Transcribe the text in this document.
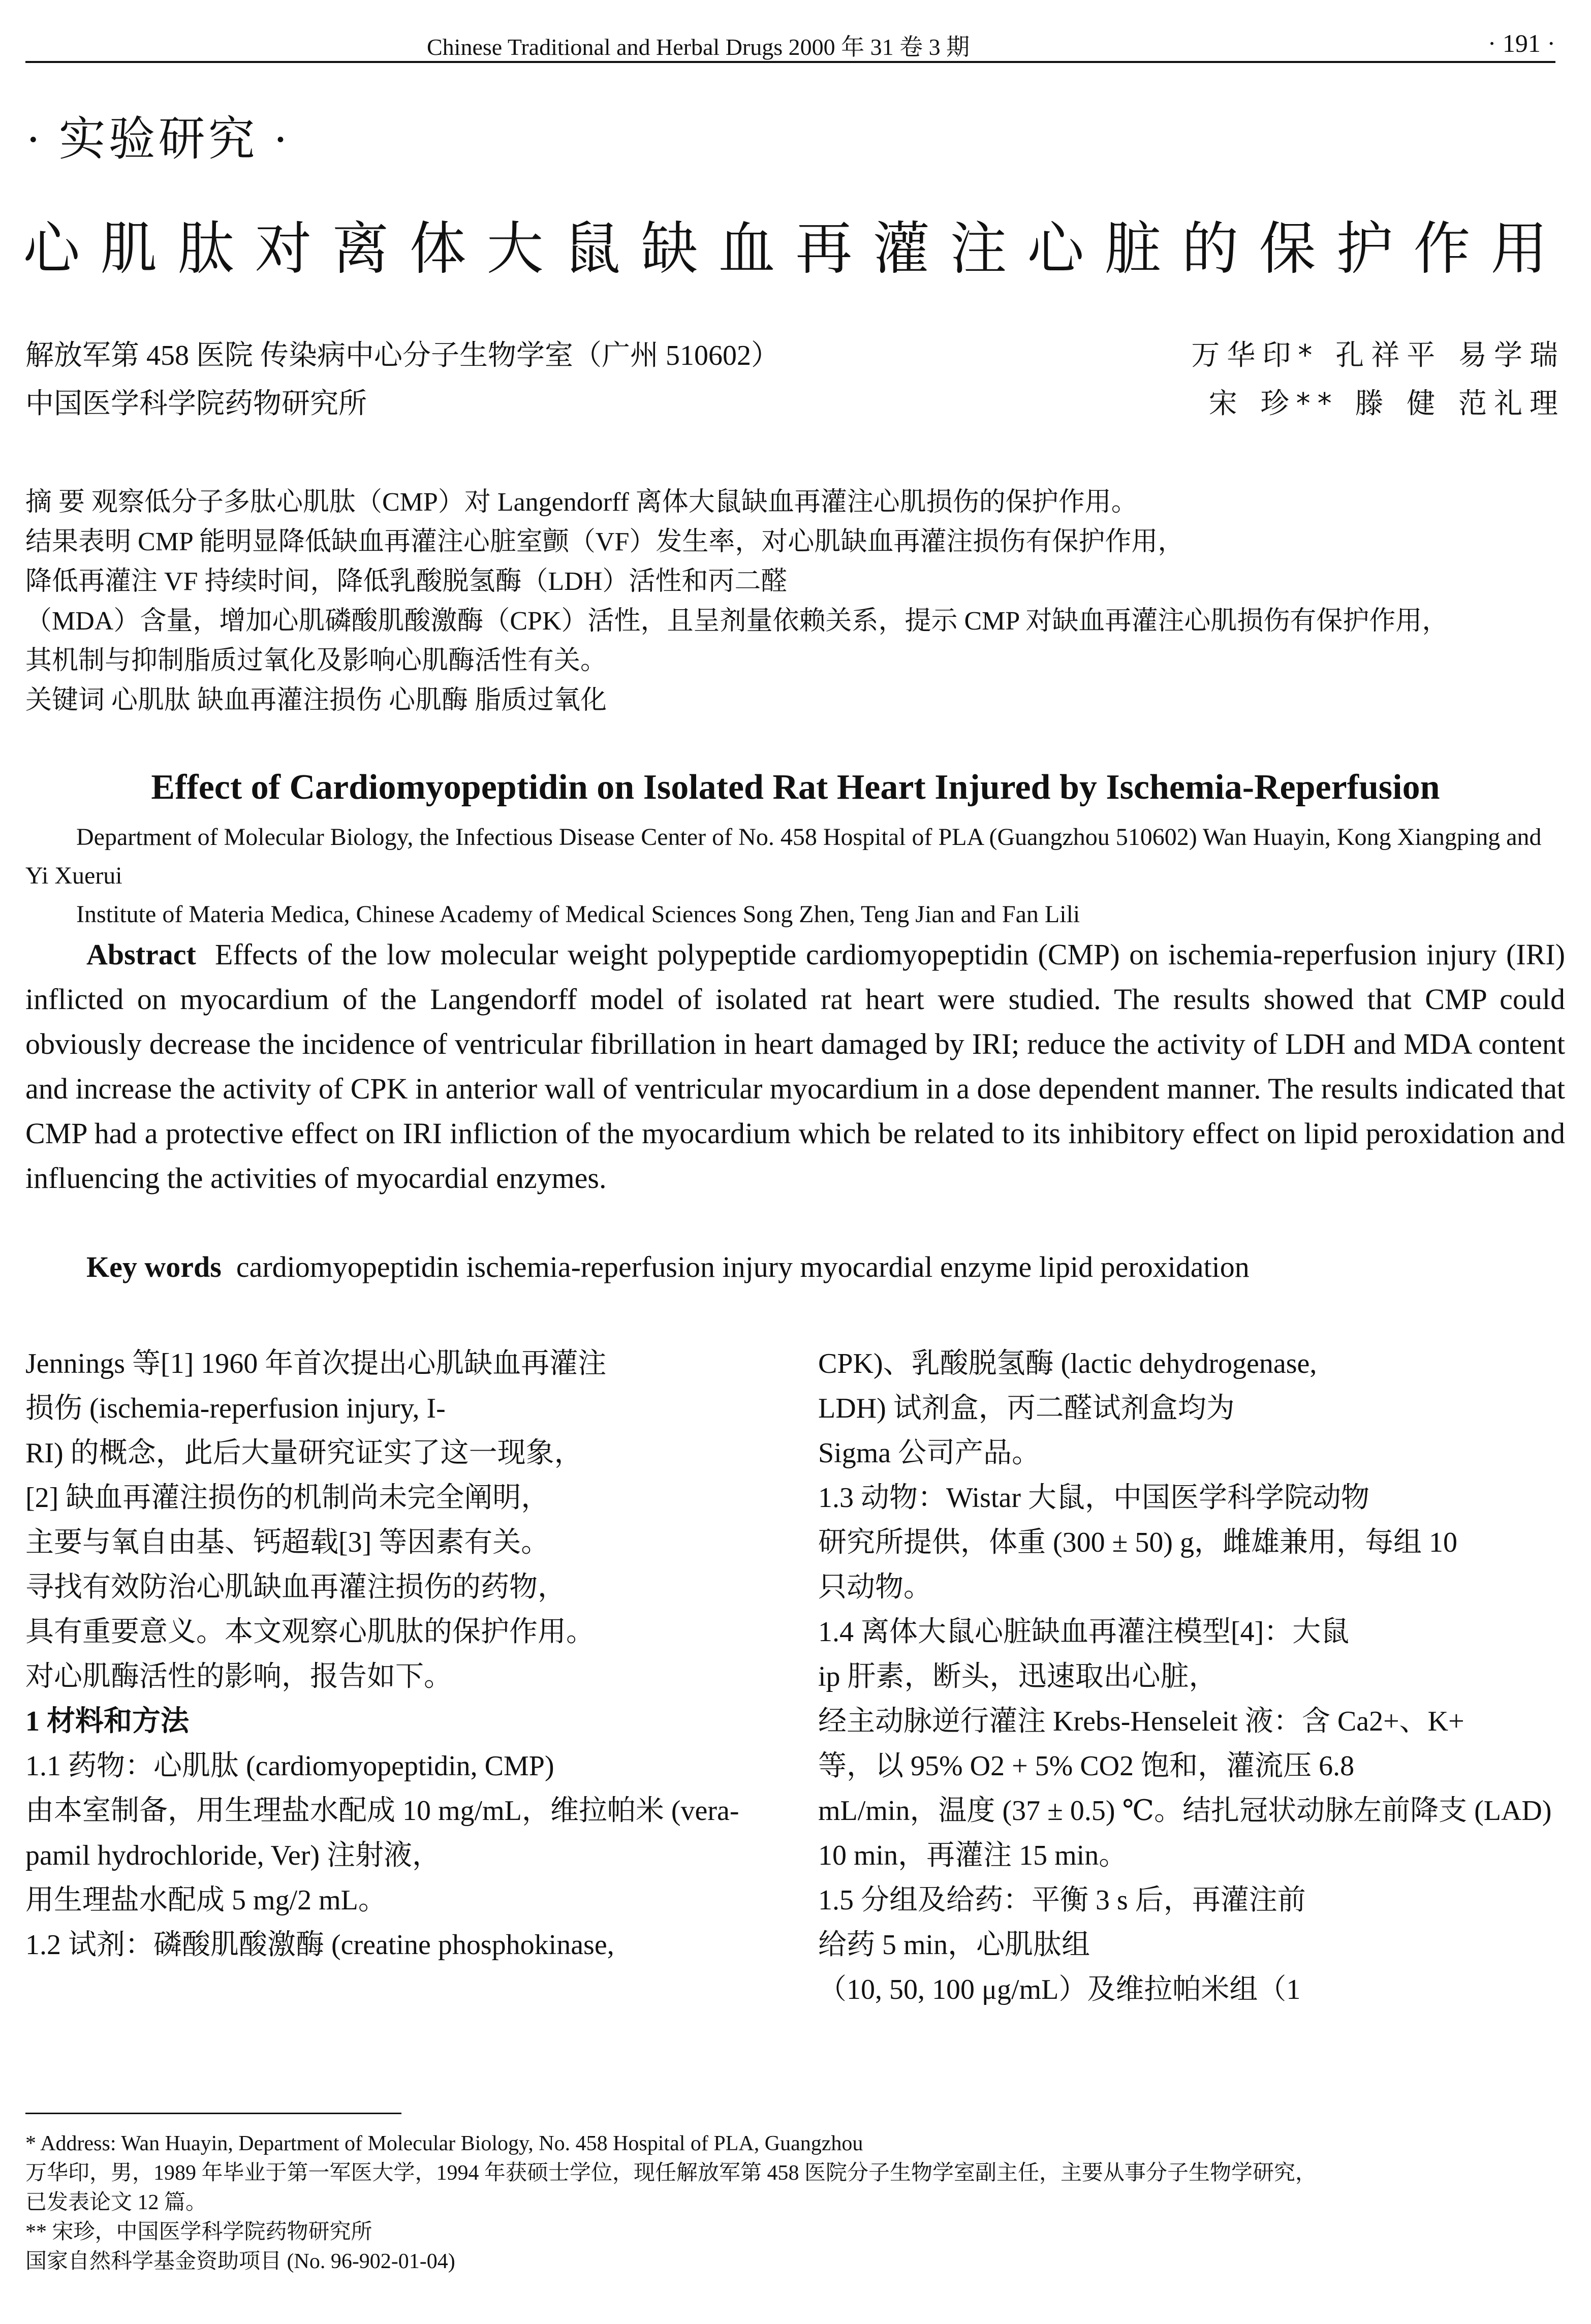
Chinese Traditional and Herbal Drugs 2000 年 31 卷 3 期	· 191 ·
· 实验研究 ·
心肌肽对离体大鼠缺血再灌注心脏的保护作用
解放军第 458 医院 传染病中心分子生物学室（广州 510602）	万华印* 孔祥平 易学瑞
中国医学科学院药物研究所	宋 珍** 滕 健 范礼理

摘 要 观察低分子多肽心肌肽（CMP）对 Langendorff 离体大鼠缺血再灌注心肌损伤的保护作用。

结果表明 CMP 能明显降低缺血再灌注心脏室颤（VF）发生率，对心肌缺血再灌注损伤有保护作用，

降低再灌注 VF 持续时间，降低乳酸脱氢酶（LDH）活性和丙二醛

（MDA）含量，增加心肌磷酸肌酸激酶（CPK）活性，且呈剂量依赖关系，提示 CMP 对缺血再灌注心肌损伤有保护作用，

其机制与抑制脂质过氧化及影响心肌酶活性有关。

关键词 心肌肽 缺血再灌注损伤 心肌酶 脂质过氧化

Effect of Cardiomyopeptidin on Isolated Rat Heart Injured by Ischemia-Reperfusion

Department of Molecular Biology, the Infectious Disease Center of No. 458 Hospital of PLA (Guangzhou 510602) Wan Huayin, Kong Xiangping and Yi Xuerui

Institute of Materia Medica, Chinese Academy of Medical Sciences Song Zhen, Teng Jian and Fan Lili

Abstract Effects of the low molecular weight polypeptide cardiomyopeptidin (CMP) on ischemia-reperfusion injury (IRI) inflicted on myocardium of the Langendorff model of isolated rat heart were studied. The results showed that CMP could obviously decrease the incidence of ventricular fibrillation in heart damaged by IRI; reduce the activity of LDH and MDA content and increase the activity of CPK in anterior wall of ventricular myocardium in a dose dependent manner. The results indicated that CMP had a protective effect on IRI infliction of the myocardium which be related to its inhibitory effect on lipid peroxidation and influencing the activities of myocardial enzymes.

Key words cardiomyopeptidin ischemia-reperfusion injury myocardial enzyme lipid peroxidation

Jennings 等[1] 1960 年首次提出心肌缺血再灌注

损伤 (ischemia-reperfusion injury, I-

RI) 的概念，此后大量研究证实了这一现象，

[2] 缺血再灌注损伤的机制尚未完全阐明，

主要与氧自由基、钙超载[3] 等因素有关。

寻找有效防治心肌缺血再灌注损伤的药物，

具有重要意义。本文观察心肌肽的保护作用。

对心肌酶活性的影响，报告如下。

1 材料和方法

1.1 药物：心肌肽 (cardiomyopeptidin, CMP)

由本室制备，用生理盐水配成 10 mg/mL，维拉帕米 (vera-

pamil hydrochloride, Ver) 注射液，

用生理盐水配成 5 mg/2 mL。

1.2 试剂：磷酸肌酸激酶 (creatine phosphokinase,

CPK)、乳酸脱氢酶 (lactic dehydrogenase,

LDH) 试剂盒，丙二醛试剂盒均为

Sigma 公司产品。

1.3 动物：Wistar 大鼠，中国医学科学院动物

研究所提供，体重 (300 ± 50) g，雌雄兼用，每组 10

只动物。

1.4 离体大鼠心脏缺血再灌注模型[4]：大鼠

ip 肝素，断头，迅速取出心脏，

经主动脉逆行灌注 Krebs-Henseleit 液：含 Ca2+、K+

等，以 95% O2 + 5% CO2 饱和，灌流压 6.8

mL/min，温度 (37 ± 0.5) ℃。结扎冠状动脉左前降支 (LAD)

10 min，再灌注 15 min。

1.5 分组及给药：平衡 3 s 后，再灌注前

给药 5 min，心肌肽组

（10, 50, 100 μg/mL）及维拉帕米组（1

* Address: Wan Huayin, Department of Molecular Biology, No. 458 Hospital of PLA, Guangzhou

万华印，男，1989 年毕业于第一军医大学，1994 年获硕士学位，现任解放军第 458 医院分子生物学室副主任，主要从事分子生物学研究，

已发表论文 12 篇。

** 宋珍，中国医学科学院药物研究所

国家自然科学基金资助项目 (No. 96-902-01-04)
